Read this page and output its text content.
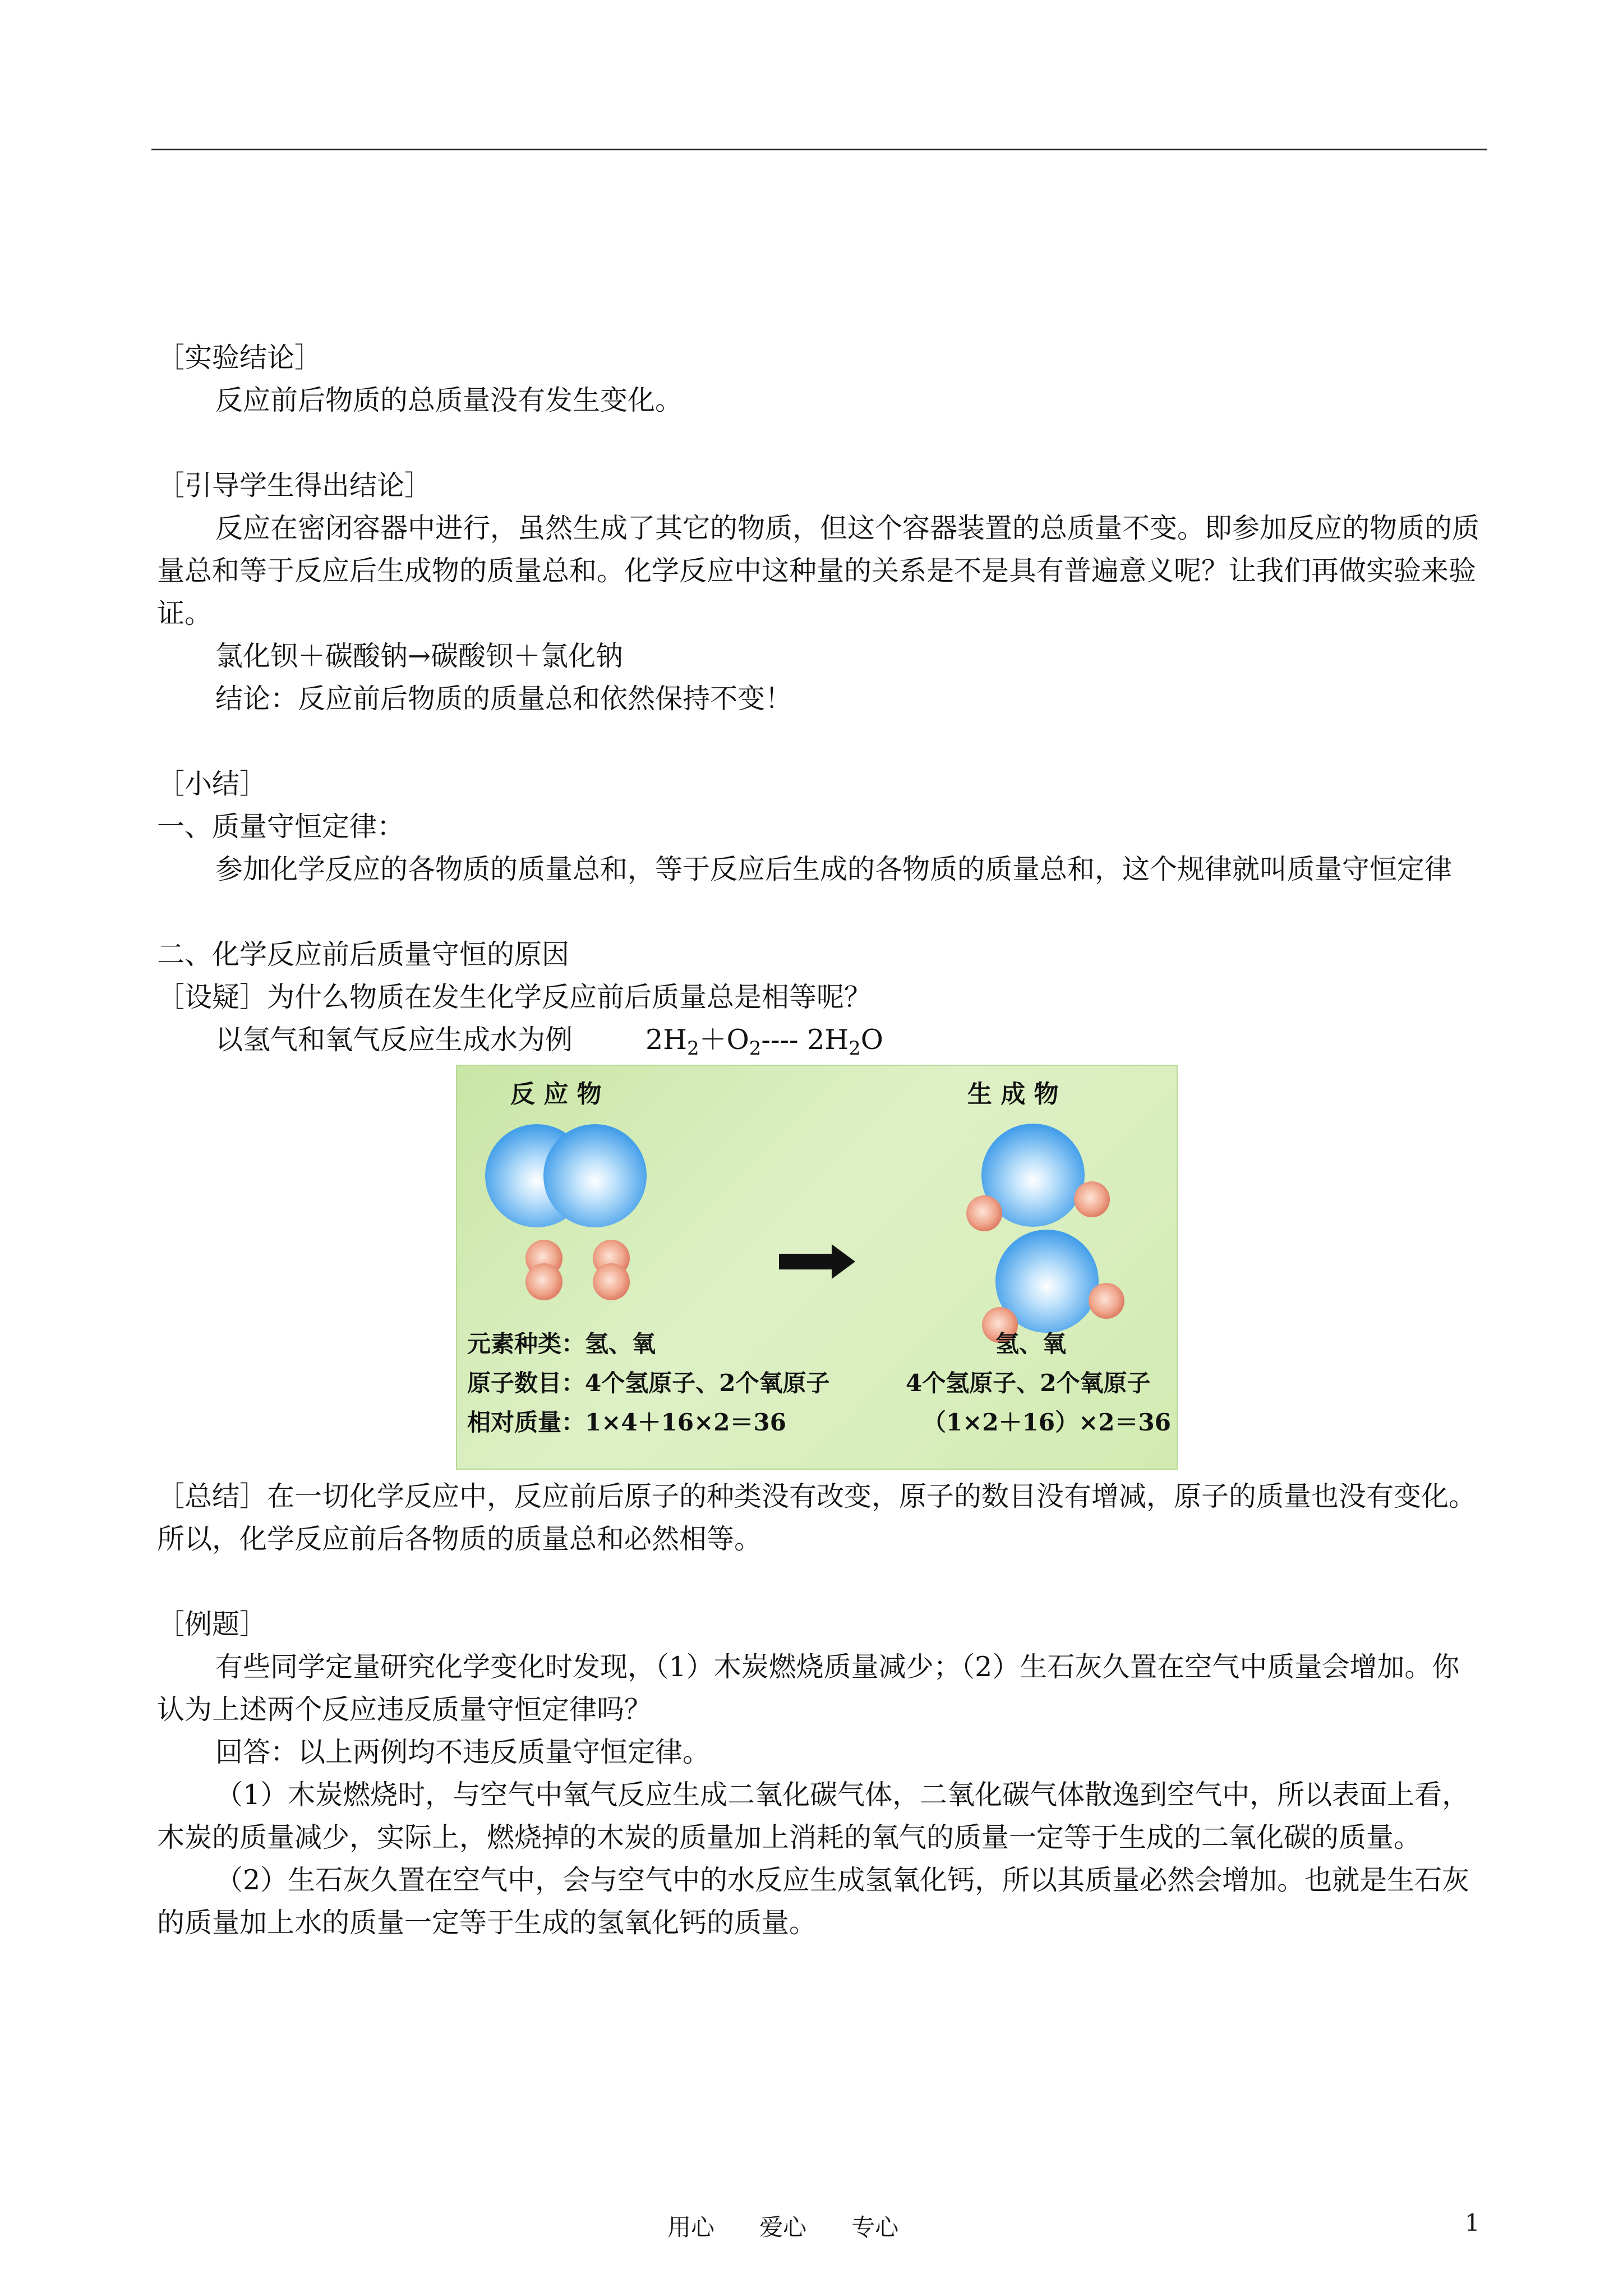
［实验结论］

反应前后物质的总质量没有发生变化。

［引导学生得出结论］

反应在密闭容器中进行，虽然生成了其它的物质，但这个容器装置的总质量不变。即参加反应的物质的质量总和等于反应后生成物的质量总和。化学反应中这种量的关系是不是具有普遍意义呢？让我们再做实验来验证。

氯化钡＋碳酸钠→碳酸钡＋氯化钠

结论：反应前后物质的质量总和依然保持不变！

［小结］

一、质量守恒定律：

参加化学反应的各物质的质量总和，等于反应后生成的各物质的质量总和，这个规律就叫质量守恒定律

二、化学反应前后质量守恒的原因

［设疑］为什么物质在发生化学反应前后质量总是相等呢？

以氢气和氧气反应生成水为例	$2H_2+O_2----$ $2H_2O$

反 应 物	生 成 物
元素种类：氢、氧
原子数目：4个氢原子、2个氧原子
相对质量：1×4＋16×2＝36
氢、氧
4个氢原子、2个氧原子
（1×2＋16）×2＝36

［总结］在一切化学反应中，反应前后原子的种类没有改变，原子的数目没有增减，原子的质量也没有变化。所以，化学反应前后各物质的质量总和必然相等。

［例题］

有些同学定量研究化学变化时发现，（1）木炭燃烧质量减少；（2）生石灰久置在空气中质量会增加。你认为上述两个反应违反质量守恒定律吗？

回答：以上两例均不违反质量守恒定律。

（1）木炭燃烧时，与空气中氧气反应生成二氧化碳气体，二氧化碳气体散逸到空气中，所以表面上看，木炭的质量减少，实际上，燃烧掉的木炭的质量加上消耗的氧气的质量一定等于生成的二氧化碳的质量。

（2）生石灰久置在空气中，会与空气中的水反应生成氢氧化钙，所以其质量必然会增加。也就是生石灰的质量加上水的质量一定等于生成的氢氧化钙的质量。

用心      爱心      专心	1
